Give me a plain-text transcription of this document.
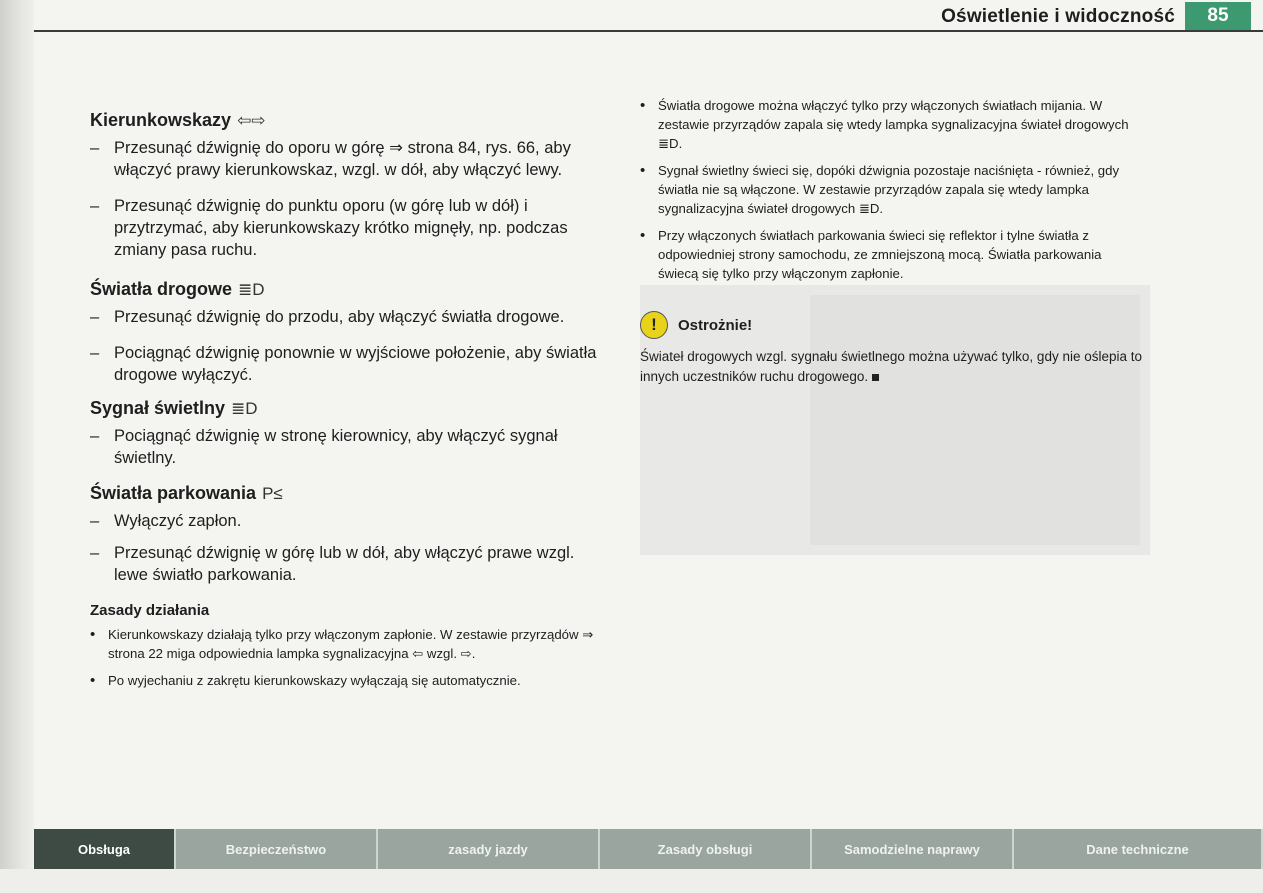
Oświetlenie i widoczność	85
Kierunkowskazy ⇦⇨
– Przesunąć dźwignię do oporu w górę ⇒ strona 84, rys. 66, aby włączyć prawy kierunkowskaz, wzgl. w dół, aby włączyć lewy.
– Przesunąć dźwignię do punktu oporu (w górę lub w dół) i przytrzymać, aby kierunkowskazy krótko mignęły, np. podczas zmiany pasa ruchu.
Światła drogowe ≣D
– Przesunąć dźwignię do przodu, aby włączyć światła drogowe.
– Pociągnąć dźwignię ponownie w wyjściowe położenie, aby światła drogowe wyłączyć.
Sygnał świetlny ≣D
– Pociągnąć dźwignię w stronę kierownicy, aby włączyć sygnał świetlny.
Światła parkowania P≤
– Wyłączyć zapłon.
– Przesunąć dźwignię w górę lub w dół, aby włączyć prawe wzgl. lewe światło parkowania.
Zasady działania
• Kierunkowskazy działają tylko przy włączonym zapłonie. W zestawie przyrządów ⇒ strona 22 miga odpowiednia lampka sygnalizacyjna ⇦ wzgl. ⇨.
• Po wyjechaniu z zakrętu kierunkowskazy wyłączają się automatycznie.
• Światła drogowe można włączyć tylko przy włączonych światłach mijania. W zestawie przyrządów zapala się wtedy lampka sygnalizacyjna świateł drogowych ≣D.
• Sygnał świetlny świeci się, dopóki dźwignia pozostaje naciśnięta - również, gdy światła nie są włączone. W zestawie przyrządów zapala się wtedy lampka sygnalizacyjna świateł drogowych ≣D.
• Przy włączonych światłach parkowania świeci się reflektor i tylne światła z odpowiedniej strony samochodu, ze zmniejszoną mocą. Światła parkowania świecą się tylko przy włączonym zapłonie.
!	Ostrożnie!
Świateł drogowych wzgl. sygnału świetlnego można używać tylko, gdy nie oślepia to innych uczestników ruchu drogowego.
Obsługa	Bezpieczeństwo	zasady jazdy	Zasady obsługi	Samodzielne naprawy	Dane techniczne
